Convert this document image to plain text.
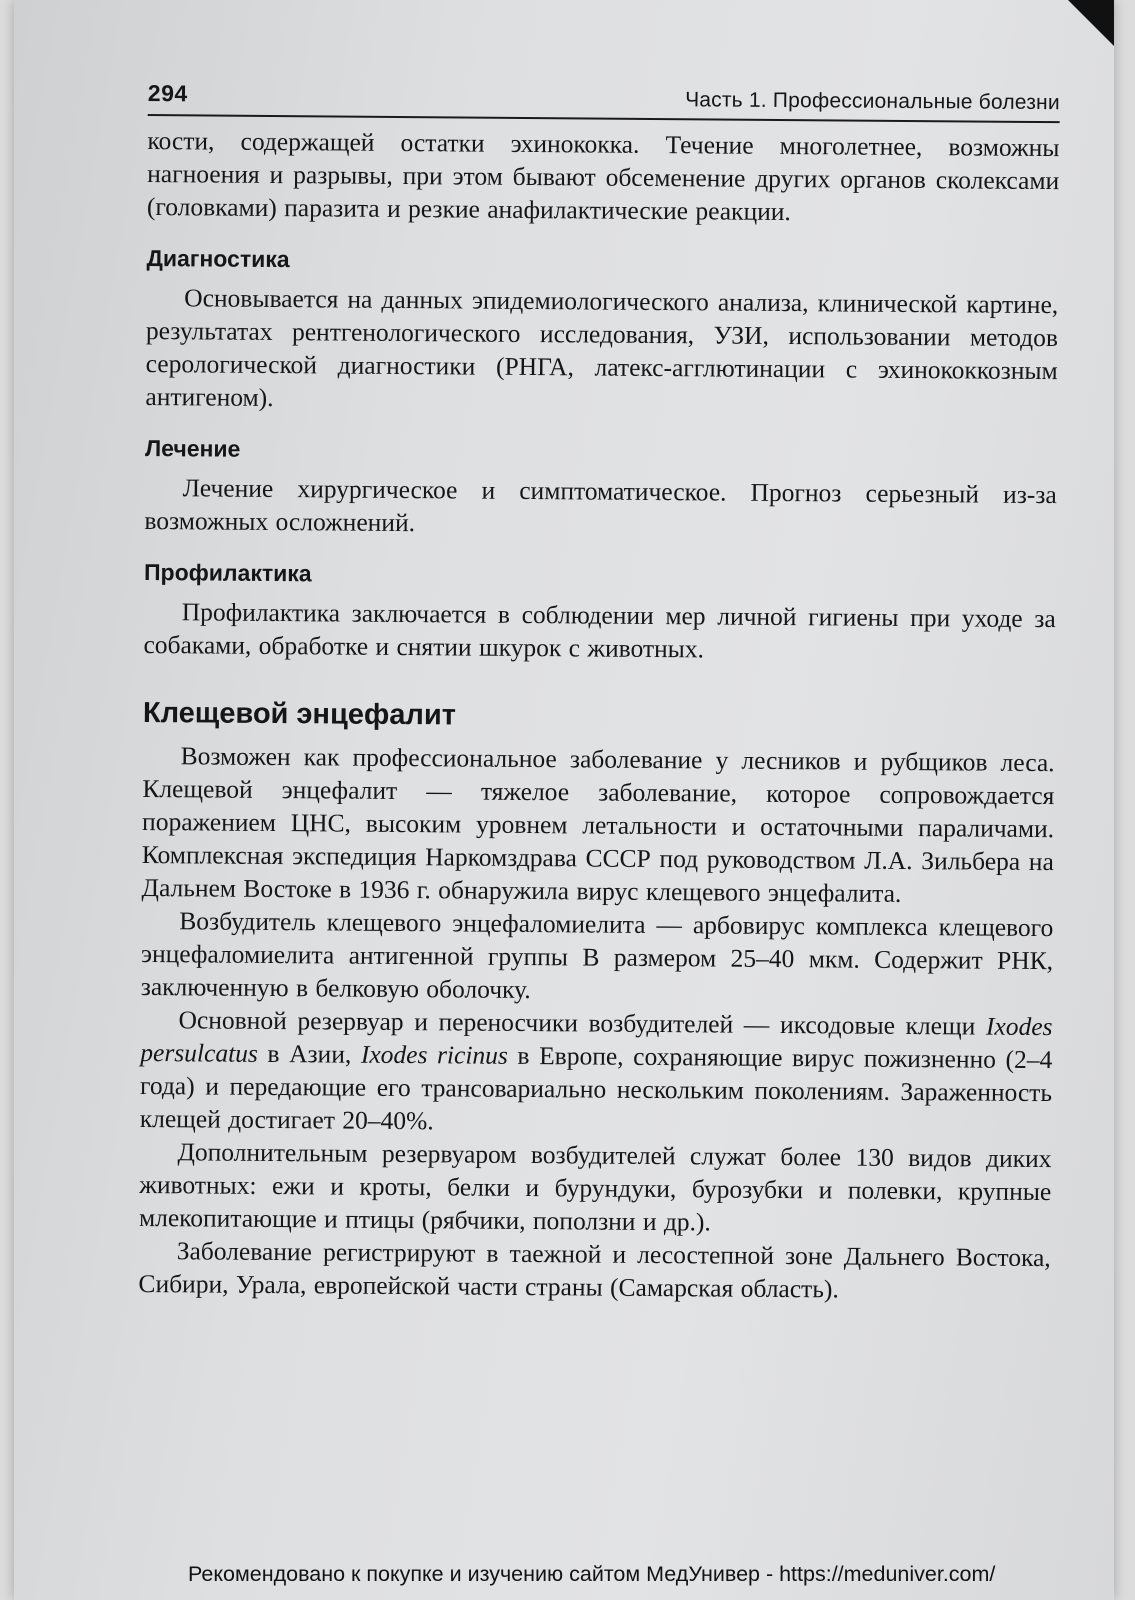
294	Часть 1. Профессиональные болезни

кости, содержащей остатки эхинококка. Течение многолетнее, возможны нагноения и разрывы, при этом бывают обсеменение других органов сколексами (головками) паразита и резкие анафилактические реакции.

Диагностика

Основывается на данных эпидемиологического анализа, клинической картине, результатах рентгенологического исследования, УЗИ, использовании методов серологической диагностики (РНГА, латекс-агглютинации с эхинококкозным антигеном).

Лечение

Лечение хирургическое и симптоматическое. Прогноз серьезный из-за возможных осложнений.

Профилактика

Профилактика заключается в соблюдении мер личной гигиены при уходе за собаками, обработке и снятии шкурок с животных.

Клещевой энцефалит

Возможен как профессиональное заболевание у лесников и рубщиков леса. Клещевой энцефалит — тяжелое заболевание, которое сопровождается поражением ЦНС, высоким уровнем летальности и остаточными параличами. Комплексная экспедиция Наркомздрава СССР под руководством Л.А. Зильбера на Дальнем Востоке в 1936 г. обнаружила вирус клещевого энцефалита.

Возбудитель клещевого энцефаломиелита — арбовирус комплекса клещевого энцефаломиелита антигенной группы В размером 25–40 мкм. Содержит РНК, заключенную в белковую оболочку.

Основной резервуар и переносчики возбудителей — иксодовые клещи Ixodes persulcatus в Азии, Ixodes ricinus в Европе, сохраняющие вирус пожизненно (2–4 года) и передающие его трансовариально нескольким поколениям. Зараженность клещей достигает 20–40%.

Дополнительным резервуаром возбудителей служат более 130 видов диких животных: ежи и кроты, белки и бурундуки, бурозубки и полевки, крупные млекопитающие и птицы (рябчики, поползни и др.).

Заболевание регистрируют в таежной и лесостепной зоне Дальнего Востока, Сибири, Урала, европейской части страны (Самарская область).

Рекомендовано к покупке и изучению сайтом МедУнивер - https://meduniver.com/
